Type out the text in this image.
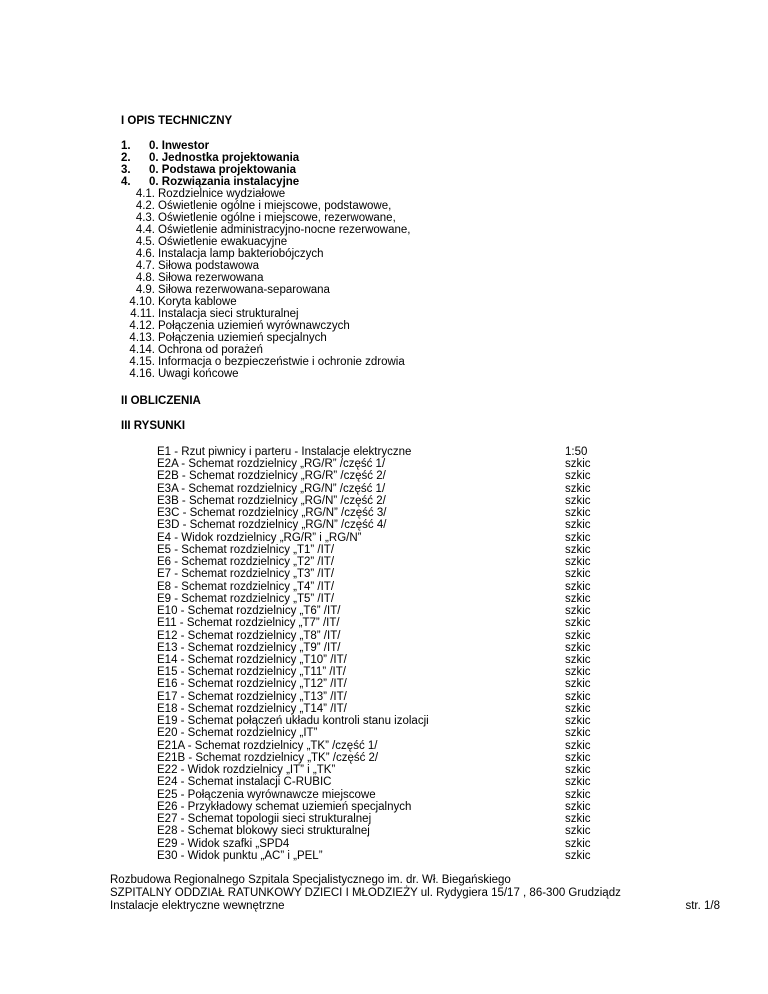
I OPIS TECHNICZNY
1.	0. Inwestor
2.	0. Jednostka projektowania
3.	0. Podstawa projektowania
4.	0. Rozwiązania instalacyjne
4.1. Rozdzielnice wydziałowe
4.2. Oświetlenie ogólne i miejscowe, podstawowe,
4.3. Oświetlenie ogólne i miejscowe, rezerwowane,
4.4. Oświetlenie administracyjno-nocne rezerwowane,
4.5. Oświetlenie ewakuacyjne
4.6. Instalacja lamp bakteriobójczych
4.7. Siłowa podstawowa
4.8. Siłowa rezerwowana
4.9. Siłowa rezerwowana-separowana
4.10. Koryta kablowe
4.11. Instalacja sieci strukturalnej
4.12. Połączenia uziemień wyrównawczych
4.13. Połączenia uziemień specjalnych
4.14. Ochrona od porażeń
4.15. Informacja o bezpieczeństwie i ochronie zdrowia
4.16. Uwagi końcowe
II OBLICZENIA
III RYSUNKI
E1 - Rzut piwnicy i parteru - Instalacje elektryczne	1:50
E2A - Schemat rozdzielnicy „RG/R” /część 1/	szkic
E2B - Schemat rozdzielnicy „RG/R” /część 2/	szkic
E3A - Schemat rozdzielnicy „RG/N” /część 1/	szkic
E3B - Schemat rozdzielnicy „RG/N” /część 2/	szkic
E3C - Schemat rozdzielnicy „RG/N” /część 3/	szkic
E3D - Schemat rozdzielnicy „RG/N” /część 4/	szkic
E4 - Widok rozdzielnicy „RG/R” i „RG/N”	szkic
E5 - Schemat rozdzielnicy „T1” /IT/	szkic
E6 - Schemat rozdzielnicy „T2” /IT/	szkic
E7 - Schemat rozdzielnicy „T3” /IT/	szkic
E8 - Schemat rozdzielnicy „T4” /IT/	szkic
E9 - Schemat rozdzielnicy „T5” /IT/	szkic
E10 - Schemat rozdzielnicy „T6” /IT/	szkic
E11 - Schemat rozdzielnicy „T7” /IT/	szkic
E12 - Schemat rozdzielnicy „T8” /IT/	szkic
E13 - Schemat rozdzielnicy „T9” /IT/	szkic
E14 - Schemat rozdzielnicy „T10” /IT/	szkic
E15 - Schemat rozdzielnicy „T11” /IT/	szkic
E16 - Schemat rozdzielnicy „T12” /IT/	szkic
E17 - Schemat rozdzielnicy „T13” /IT/	szkic
E18 - Schemat rozdzielnicy „T14” /IT/	szkic
E19 - Schemat połączeń układu kontroli stanu izolacji	szkic
E20 - Schemat rozdzielnicy „IT”	szkic
E21A - Schemat rozdzielnicy „TK” /część 1/	szkic
E21B - Schemat rozdzielnicy „TK” /część 2/	szkic
E22 - Widok rozdzielnicy „IT” i „TK”	szkic
E24 - Schemat instalacji C-RUBIC	szkic
E25 - Połączenia wyrównawcze miejscowe	szkic
E26 - Przykładowy schemat uziemień specjalnych	szkic
E27 - Schemat topologii sieci strukturalnej	szkic
E28 - Schemat blokowy sieci strukturalnej	szkic
E29 - Widok szafki „SPD4	szkic
E30 - Widok punktu „AC” i „PEL”	szkic
Rozbudowa Regionalnego Szpitala Specjalistycznego im. dr. Wł. Biegańskiego
SZPITALNY ODDZIAŁ RATUNKOWY DZIECI I MŁODZIEŻY ul. Rydygiera 15/17 , 86-300 Grudziądz
Instalacje elektryczne wewnętrzne	str. 1/8
